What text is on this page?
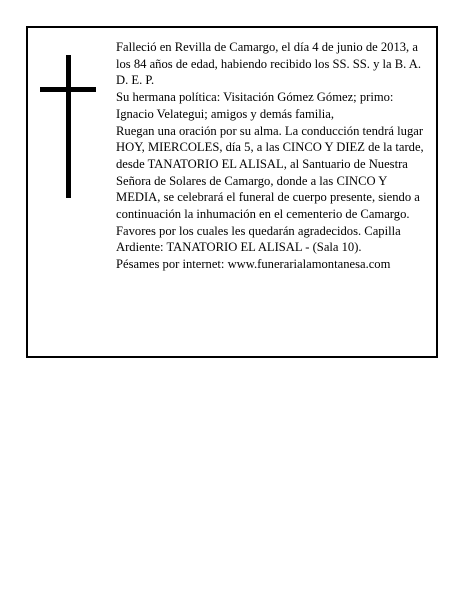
Falleció en Revilla de Camargo, el día 4 de junio de 2013, a los 84 años de edad, habiendo recibido los SS. SS. y la B. A.

D. E. P.

Su hermana política: Visitación Gómez Gómez; primo: Ignacio Velategui; amigos y demás familia,

Ruegan una oración por su alma. La conducción tendrá lugar HOY, MIERCOLES, día 5, a las CINCO Y DIEZ de la tarde, desde TANATORIO EL ALISAL, al Santuario de Nuestra Señora de Solares de Camargo, donde a las CINCO Y MEDIA, se celebrará el funeral de cuerpo presente, siendo a continuación la inhumación en el cementerio de Camargo. Favores por los cuales les quedarán agradecidos. Capilla Ardiente: TANATORIO EL ALISAL - (Sala 10).

Pésames por internet: www.funerarialamontanesa.com
